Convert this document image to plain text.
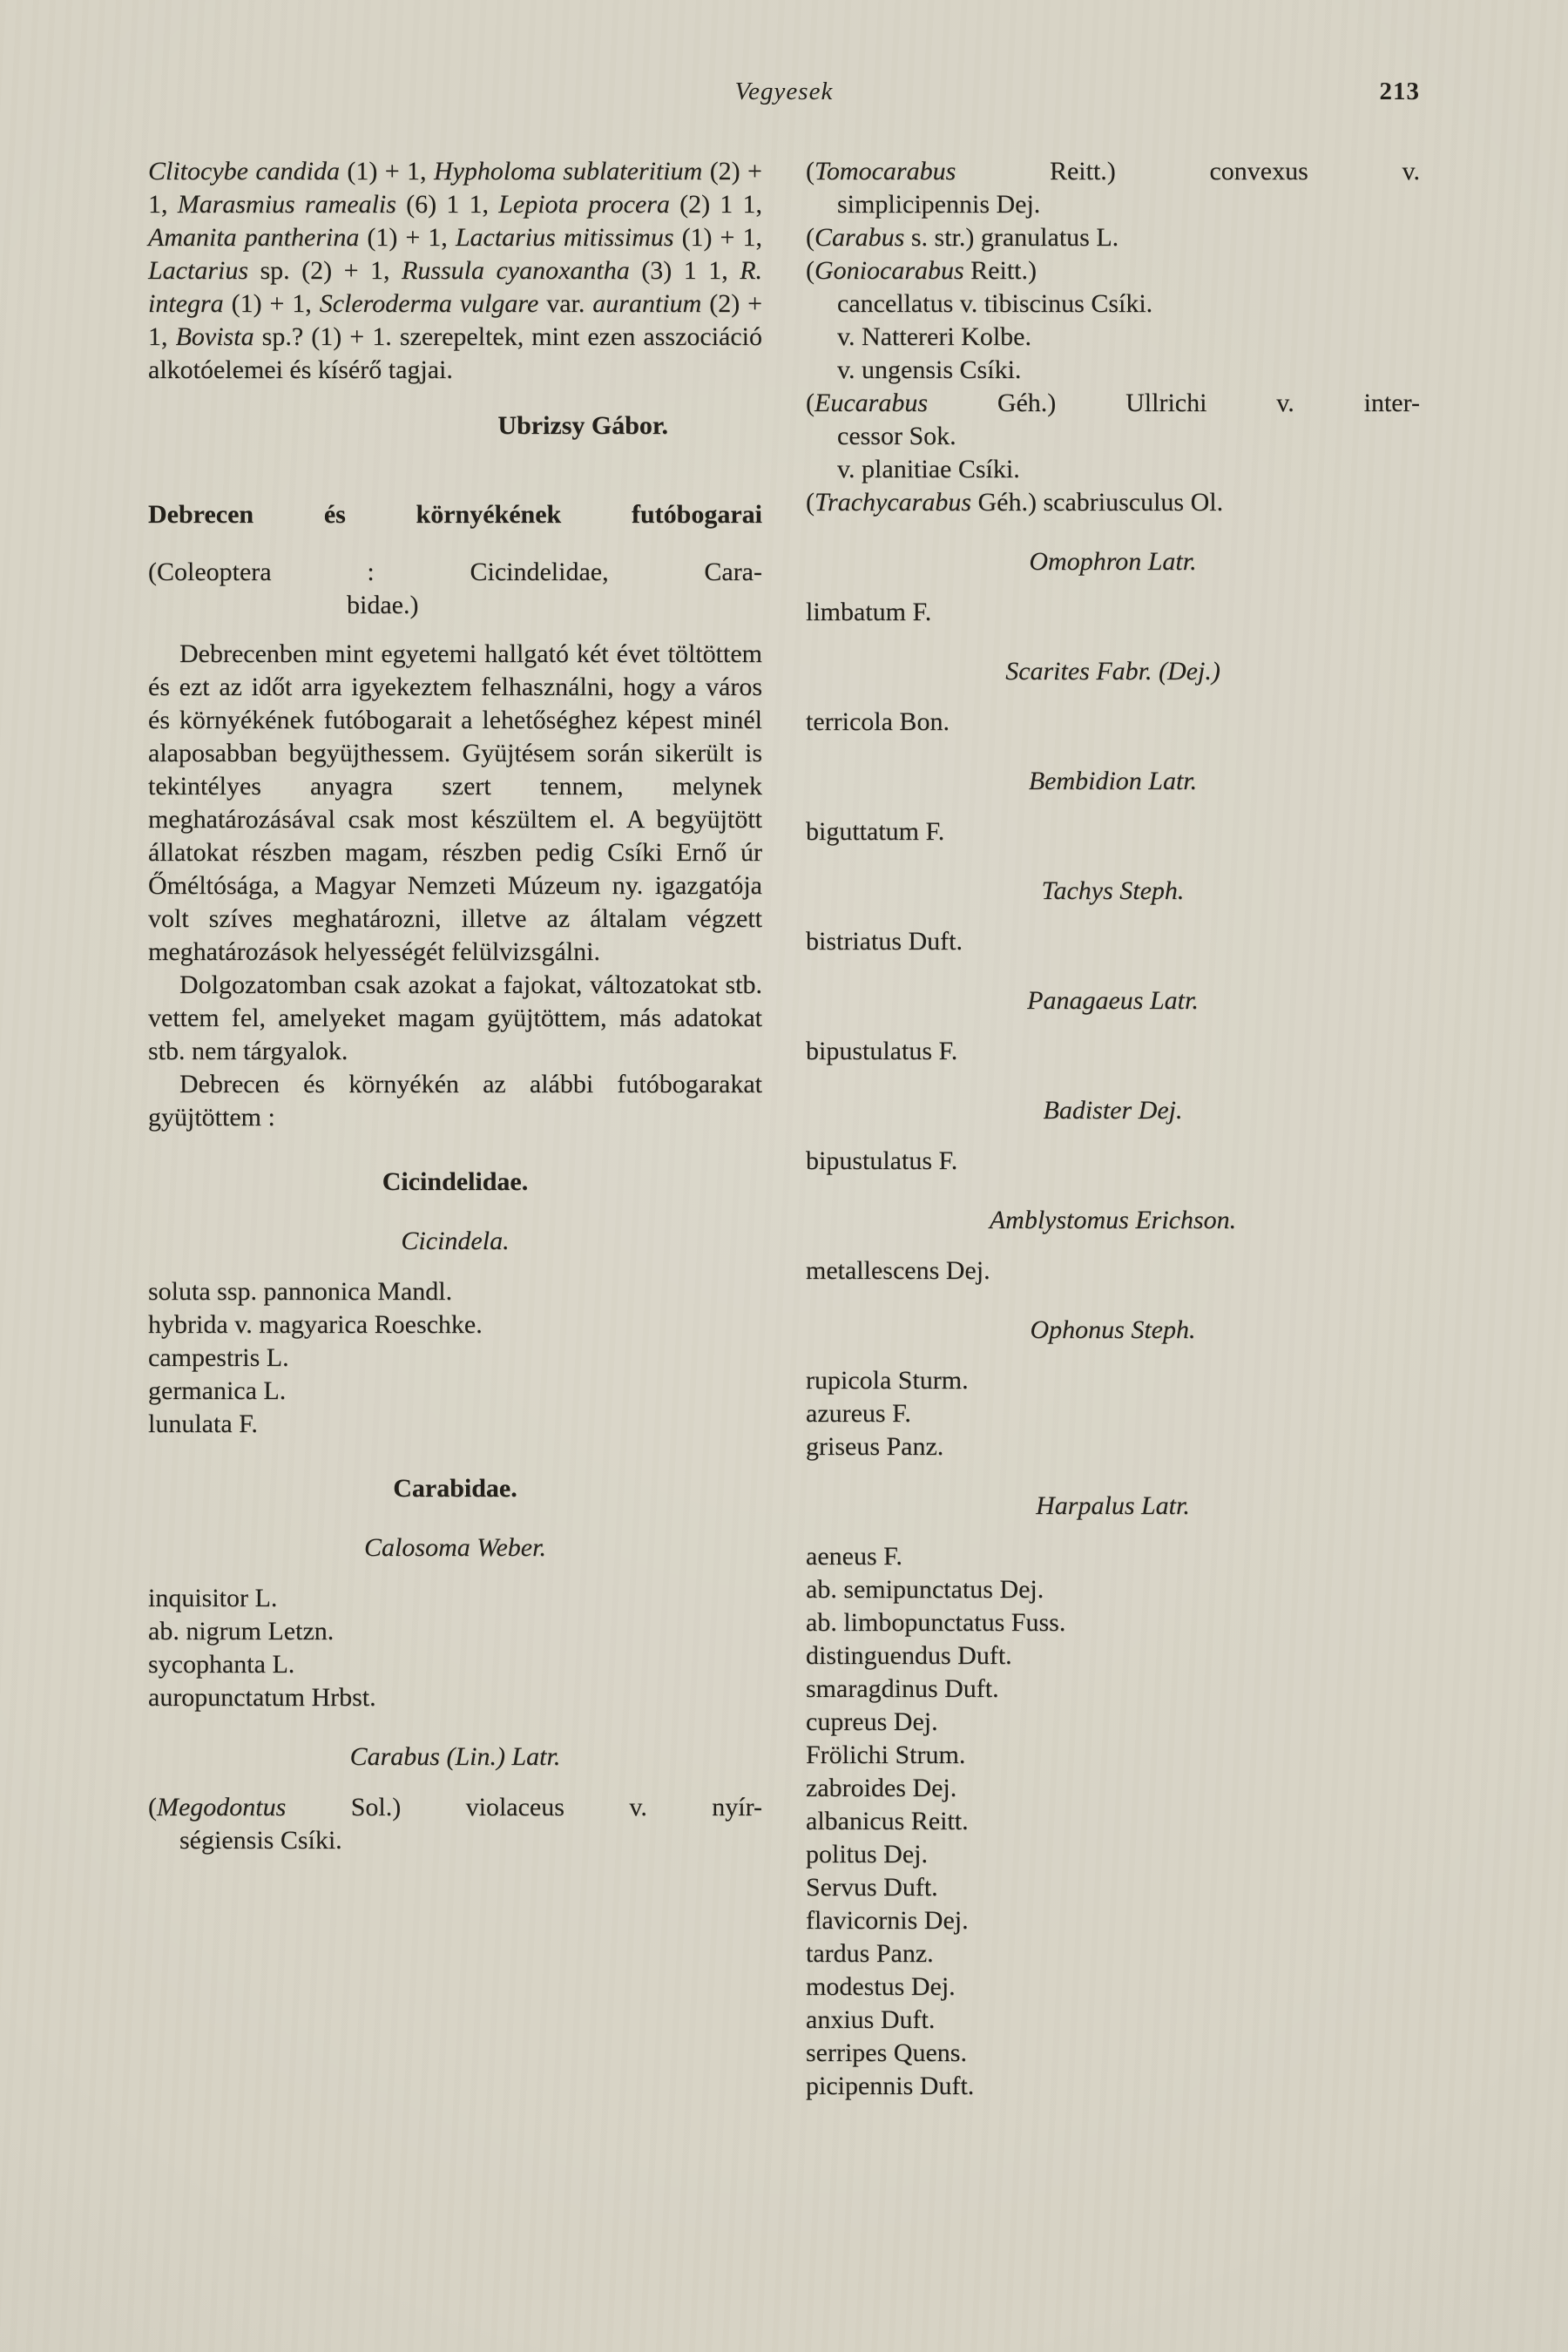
Vegyesek	213

Clitocybe candida (1) + 1, Hypholoma sublateritium (2) + 1, Marasmius ramealis (6) 1 1, Lepiota procera (2) 1 1, Amanita pantherina (1) + 1, Lactarius mitissimus (1) + 1, Lactarius sp. (2) + 1, Russula cyanoxantha (3) 1 1, R. integra (1) + 1, Scleroderma vulgare var. aurantium (2) + 1, Bovista sp.? (1) + 1. szerepeltek, mint ezen asszociáció alkotóelemei és kísérő tagjai.

Ubrizsy Gábor.
Debrecen és környékének futóbogarai
(Coleoptera : Cicindelidae, Cara-
bidae.)

Debrecenben mint egyetemi hallgató két évet töltöttem és ezt az időt arra igyekeztem felhasználni, hogy a város és környékének futóbogarait a lehetőséghez képest minél alaposabban begyüjthessem. Gyüjtésem során sikerült is tekintélyes anyagra szert tennem, melynek meghatározásával csak most készültem el. A begyüjtött állatokat részben magam, részben pedig Csíki Ernő úr Őméltósága, a Magyar Nemzeti Múzeum ny. igazgatója volt szíves meghatározni, illetve az általam végzett meghatározások helyességét felülvizsgálni.

Dolgozatomban csak azokat a fajokat, változatokat stb. vettem fel, amelyeket magam gyüjtöttem, más adatokat stb. nem tárgyalok.

Debrecen és környékén az alábbi futóbogarakat gyüjtöttem :

Cicindelidae.
Cicindela.
soluta ssp. pannonica Mandl.
hybrida v. magyarica Roeschke.
campestris L.
germanica L.
lunulata F.
Carabidae.
Calosoma Weber.
inquisitor L.
ab. nigrum Letzn.
sycophanta L.
auropunctatum Hrbst.
Carabus (Lin.) Latr.
(Megodontus Sol.) violaceus v. nyír-
ségiensis Csíki.
(Tomocarabus Reitt.) convexus v.
simplicipennis Dej.
(Carabus s. str.) granulatus L.
(Goniocarabus Reitt.)
cancellatus v. tibiscinus Csíki.
v. Nattereri Kolbe.
v. ungensis Csíki.
(Eucarabus Géh.) Ullrichi v. inter-
cessor Sok.
v. planitiae Csíki.
(Trachycarabus Géh.) scabriusculus Ol.
Omophron Latr.
limbatum F.
Scarites Fabr. (Dej.)
terricola Bon.
Bembidion Latr.
biguttatum F.
Tachys Steph.
bistriatus Duft.
Panagaeus Latr.
bipustulatus F.
Badister Dej.
bipustulatus F.
Amblystomus Erichson.
metallescens Dej.
Ophonus Steph.
rupicola Sturm.
azureus F.
griseus Panz.
Harpalus Latr.
aeneus F.
ab. semipunctatus Dej.
ab. limbopunctatus Fuss.
distinguendus Duft.
smaragdinus Duft.
cupreus Dej.
Frölichi Strum.
zabroides Dej.
albanicus Reitt.
politus Dej.
Servus Duft.
flavicornis Dej.
tardus Panz.
modestus Dej.
anxius Duft.
serripes Quens.
picipennis Duft.
